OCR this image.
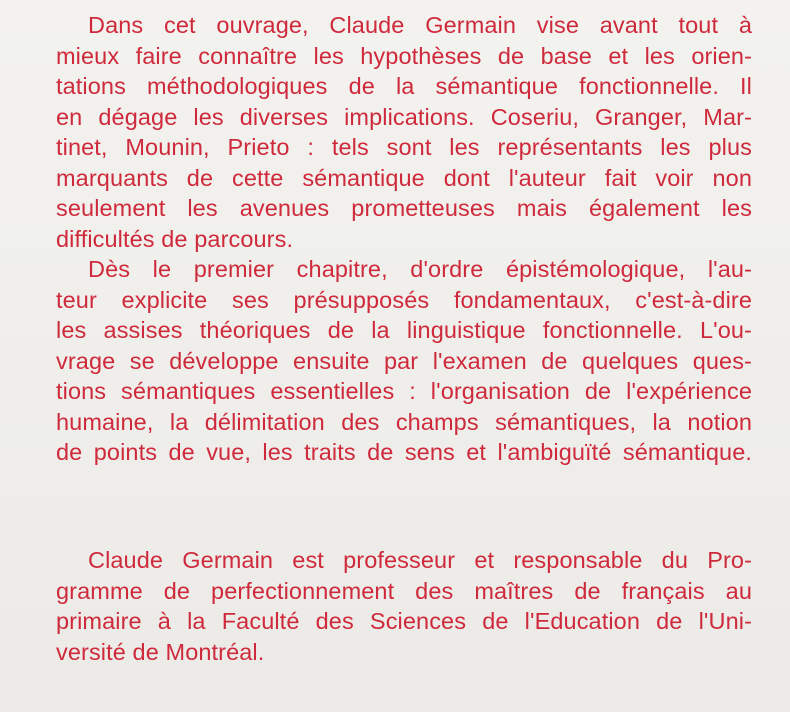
Dans cet ouvrage, Claude Germain vise avant tout à
mieux faire connaître les hypothèses de base et les orien-
tations méthodologiques de la sémantique fonctionnelle. Il
en dégage les diverses implications. Coseriu, Granger, Mar-
tinet, Mounin, Prieto : tels sont les représentants les plus
marquants de cette sémantique dont l'auteur fait voir non
seulement les avenues prometteuses mais également les
difficultés de parcours.

Dès le premier chapitre, d'ordre épistémologique, l'au-
teur explicite ses présupposés fondamentaux, c'est-à-dire
les assises théoriques de la linguistique fonctionnelle. L'ou-
vrage se développe ensuite par l'examen de quelques ques-
tions sémantiques essentielles : l'organisation de l'expérience
humaine, la délimitation des champs sémantiques, la notion
de points de vue, les traits de sens et l'ambiguïté sémantique.

Claude Germain est professeur et responsable du Pro-
gramme de perfectionnement des maîtres de français au
primaire à la Faculté des Sciences de l'Education de l'Uni-
versité de Montréal.
